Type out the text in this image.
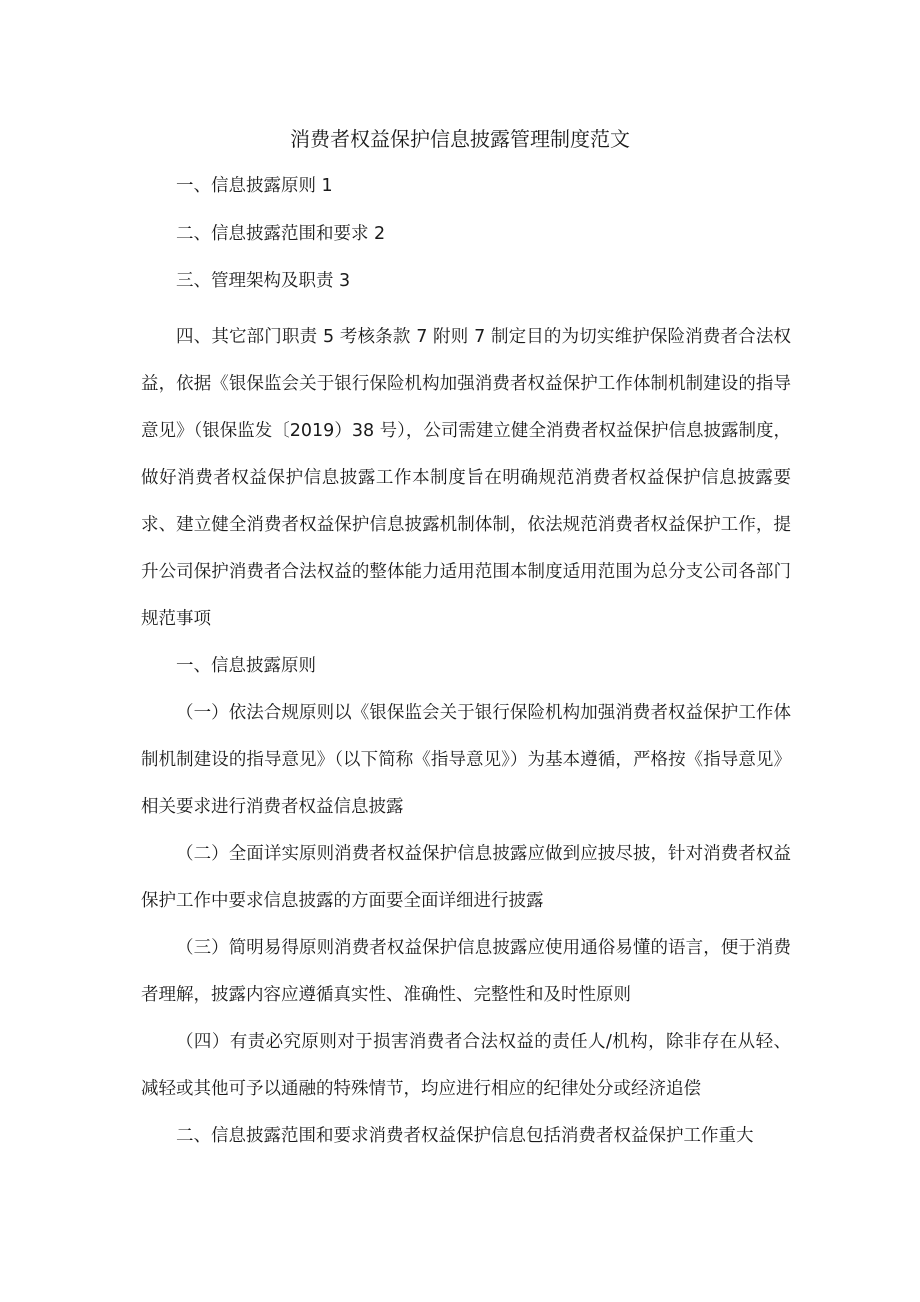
消费者权益保护信息披露管理制度范文
一、信息披露原则 1
二、信息披露范围和要求 2
三、管理架构及职责 3

四、其它部门职责 5 考核条款 7 附则 7 制定目的为切实维护保险消费者合法权益，依据《银保监会关于银行保险机构加强消费者权益保护工作体制机制建设的指导意见》（银保监发〔2019）38 号），公司需建立健全消费者权益保护信息披露制度，做好消费者权益保护信息披露工作本制度旨在明确规范消费者权益保护信息披露要求、建立健全消费者权益保护信息披露机制体制，依法规范消费者权益保护工作，提升公司保护消费者合法权益的整体能力适用范围本制度适用范围为总分支公司各部门规范事项

一、信息披露原则

（一）依法合规原则以《银保监会关于银行保险机构加强消费者权益保护工作体制机制建设的指导意见》（以下简称《指导意见》）为基本遵循，严格按《指导意见》相关要求进行消费者权益信息披露

（二）全面详实原则消费者权益保护信息披露应做到应披尽披，针对消费者权益保护工作中要求信息披露的方面要全面详细进行披露

（三）简明易得原则消费者权益保护信息披露应使用通俗易懂的语言，便于消费者理解，披露内容应遵循真实性、准确性、完整性和及时性原则

（四）有责必究原则对于损害消费者合法权益的责任人/机构，除非存在从轻、减轻或其他可予以通融的特殊情节，均应进行相应的纪律处分或经济追偿

二、信息披露范围和要求消费者权益保护信息包括消费者权益保护工作重大
